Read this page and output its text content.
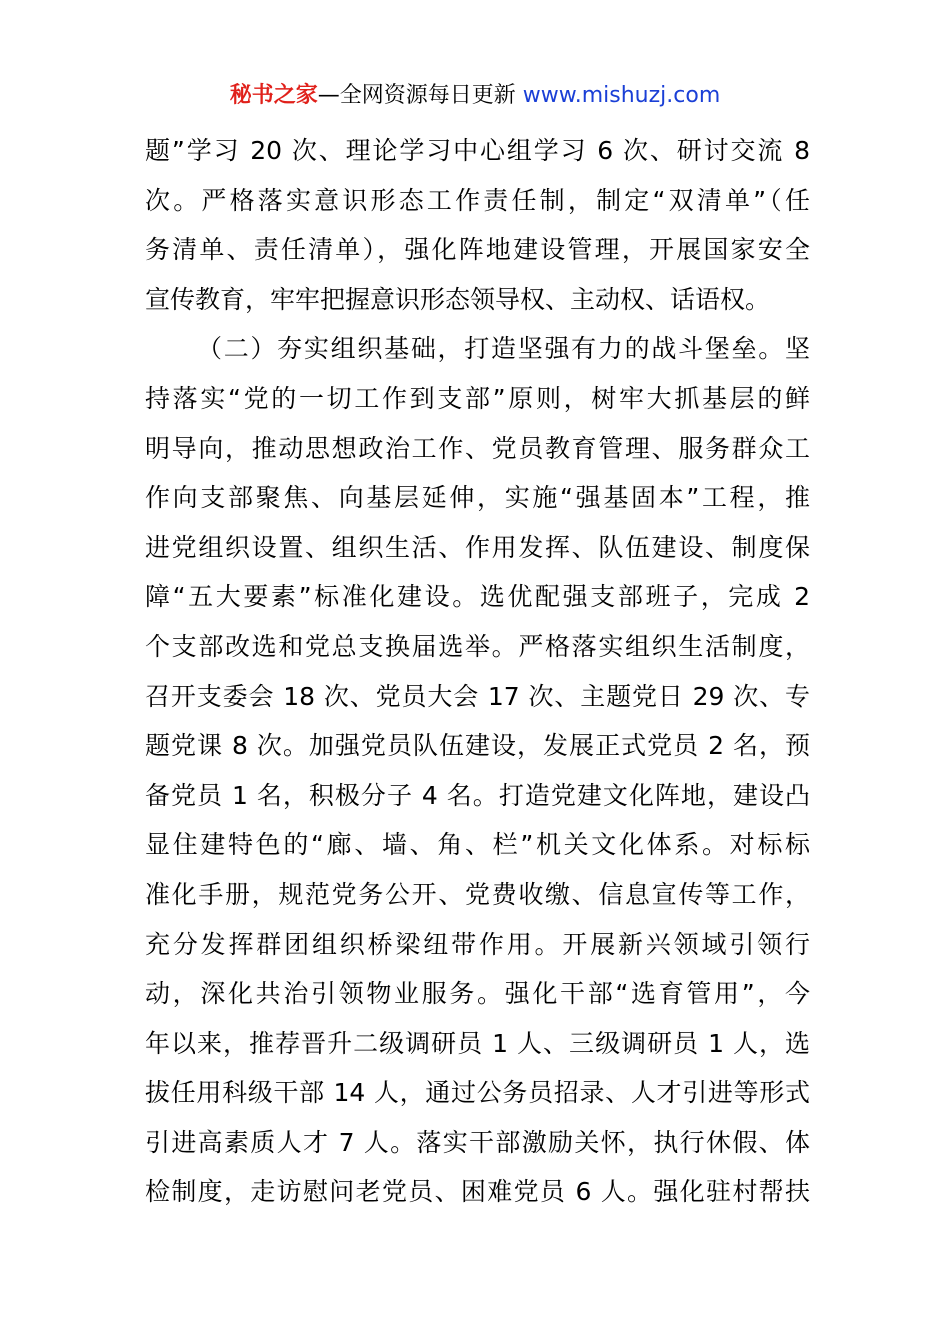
秘书之家—全网资源每日更新 www.mishuzj.com
题”学习 20 次、理论学习中心组学习 6 次、研讨交流 8
次。严格落实意识形态工作责任制，制定“双清单”（任
务清单、责任清单），强化阵地建设管理，开展国家安全
宣传教育，牢牢把握意识形态领导权、主动权、话语权。
（二）夯实组织基础，打造坚强有力的战斗堡垒。坚
持落实“党的一切工作到支部”原则，树牢大抓基层的鲜
明导向，推动思想政治工作、党员教育管理、服务群众工
作向支部聚焦、向基层延伸，实施“强基固本”工程，推
进党组织设置、组织生活、作用发挥、队伍建设、制度保
障“五大要素”标准化建设。选优配强支部班子，完成 2
个支部改选和党总支换届选举。严格落实组织生活制度，
召开支委会 18 次、党员大会 17 次、主题党日 29 次、专
题党课 8 次。加强党员队伍建设，发展正式党员 2 名，预
备党员 1 名，积极分子 4 名。打造党建文化阵地，建设凸
显住建特色的“廊、墙、角、栏”机关文化体系。对标标
准化手册，规范党务公开、党费收缴、信息宣传等工作，
充分发挥群团组织桥梁纽带作用。开展新兴领域引领行
动，深化共治引领物业服务。强化干部“选育管用”，今
年以来，推荐晋升二级调研员 1 人、三级调研员 1 人，选
拔任用科级干部 14 人，通过公务员招录、人才引进等形式
引进高素质人才 7 人。落实干部激励关怀，执行休假、体
检制度，走访慰问老党员、困难党员 6 人。强化驻村帮扶
